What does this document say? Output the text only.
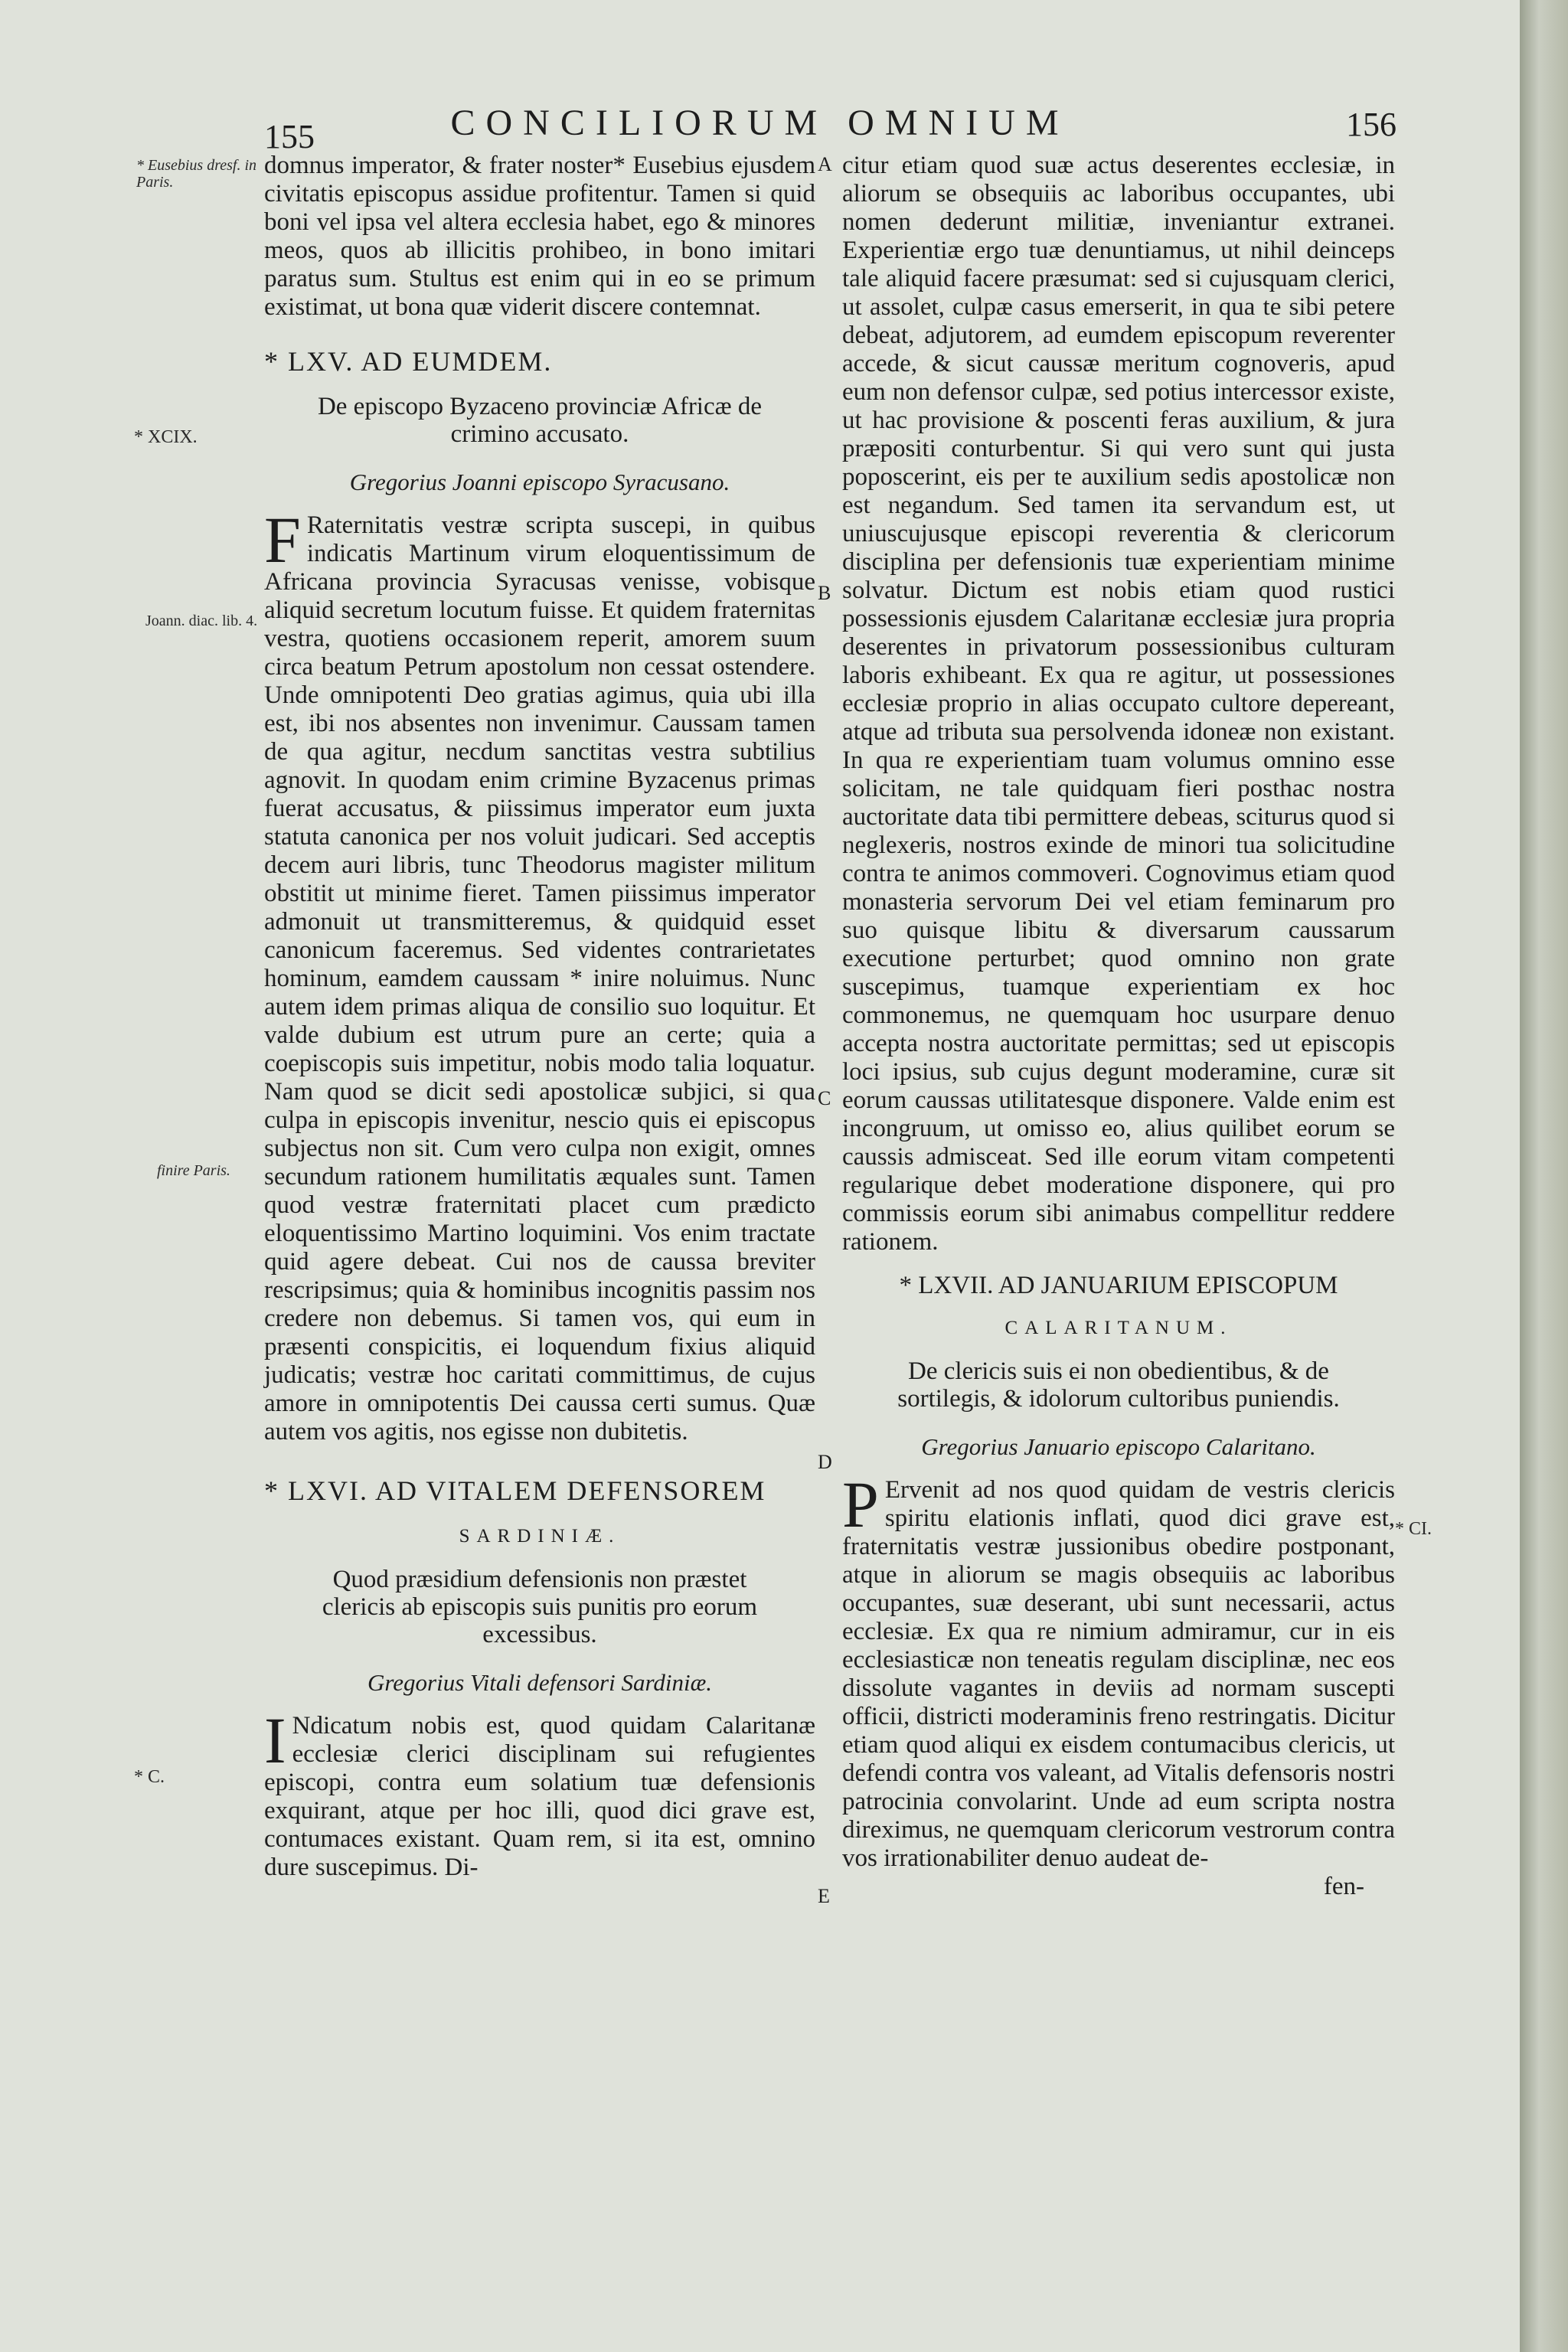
155	CONCILIORUM OMNIUM	156
* Eusebius dresf. in Paris.
* XCIX.
Joann. diac. lib. 4.
finire Paris.
* C.
* CI.
A
B
C
D
E

domnus imperator, & frater noster* Eusebius ejusdem civitatis episcopus assidue profitentur. Tamen si quid boni vel ipsa vel altera ecclesia habet, ego & minores meos, quos ab illicitis prohibeo, in bono imitari paratus sum. Stultus est enim qui in eo se primum existimat, ut bona quæ viderit discere contemnat.

* LXV. AD EUMDEM.
De episcopo Byzaceno provinciæ Africæ de crimino accusato.
Gregorius Joanni episcopo Syracusano.

F Raternitatis vestræ scripta suscepi, in quibus indicatis Martinum virum eloquentissimum de Africana provincia Syracusas venisse, vobisque aliquid secretum locutum fuisse. Et quidem fraternitas vestra, quotiens occasionem reperit, amorem suum circa beatum Petrum apostolum non cessat ostendere. Unde omnipotenti Deo gratias agimus, quia ubi illa est, ibi nos absentes non invenimur. Caussam tamen de qua agitur, necdum sanctitas vestra subtilius agnovit. In quodam enim crimine Byzacenus primas fuerat accusatus, & piissimus imperator eum juxta statuta canonica per nos voluit judicari. Sed acceptis decem auri libris, tunc Theodorus magister militum obstitit ut minime fieret. Tamen piissimus imperator admonuit ut transmitteremus, & quidquid esset canonicum faceremus. Sed videntes contrarietates hominum, eamdem caussam * inire noluimus. Nunc autem idem primas aliqua de consilio suo loquitur. Et valde dubium est utrum pure an certe; quia a coepiscopis suis impetitur, nobis modo talia loquatur. Nam quod se dicit sedi apostolicæ subjici, si qua culpa in episcopis invenitur, nescio quis ei episcopus subjectus non sit. Cum vero culpa non exigit, omnes secundum rationem humilitatis æquales sunt. Tamen quod vestræ fraternitati placet cum prædicto eloquentissimo Martino loquimini. Vos enim tractate quid agere debeat. Cui nos de caussa breviter rescripsimus; quia & hominibus incognitis passim nos credere non debemus. Si tamen vos, qui eum in præsenti conspicitis, ei loquendum fixius aliquid judicatis; vestræ hoc caritati committimus, de cujus amore in omnipotentis Dei caussa certi sumus. Quæ autem vos agitis, nos egisse non dubitetis.

* LXVI. AD VITALEM DEFENSOREM
SARDINIÆ.
Quod præsidium defensionis non præstet clericis ab episcopis suis punitis pro eorum excessibus.
Gregorius Vitali defensori Sardiniæ.

I Ndicatum nobis est, quod quidam Calaritanæ ecclesiæ clerici disciplinam sui refugientes episcopi, contra eum solatium tuæ defensionis exquirant, atque per hoc illi, quod dici grave est, contumaces existant. Quam rem, si ita est, omnino dure suscepimus. Di-

citur etiam quod suæ actus deserentes ecclesiæ, in aliorum se obsequiis ac laboribus occupantes, ubi nomen dederunt militiæ, inveniantur extranei. Experientiæ ergo tuæ denuntiamus, ut nihil deinceps tale aliquid facere præsumat: sed si cujusquam clerici, ut assolet, culpæ casus emerserit, in qua te sibi petere debeat, adjutorem, ad eumdem episcopum reverenter accede, & sicut caussæ meritum cognoveris, apud eum non defensor culpæ, sed potius intercessor existe, ut hac provisione & poscenti feras auxilium, & jura præpositi conturbentur. Si qui vero sunt qui justa poposcerint, eis per te auxilium sedis apostolicæ non est negandum. Sed tamen ita servandum est, ut uniuscujusque episcopi reverentia & clericorum disciplina per defensionis tuæ experientiam minime solvatur. Dictum est nobis etiam quod rustici possessionis ejusdem Calaritanæ ecclesiæ jura propria deserentes in privatorum possessionibus culturam laboris exhibeant. Ex qua re agitur, ut possessiones ecclesiæ proprio in alias occupato cultore depereant, atque ad tributa sua persolvenda idoneæ non existant. In qua re experientiam tuam volumus omnino esse solicitam, ne tale quidquam fieri posthac nostra auctoritate data tibi permittere debeas, sciturus quod si neglexeris, nostros exinde de minori tua solicitudine contra te animos commoveri. Cognovimus etiam quod monasteria servorum Dei vel etiam feminarum pro suo quisque libitu & diversarum caussarum executione perturbet; quod omnino non grate suscepimus, tuamque experientiam ex hoc commonemus, ne quemquam hoc usurpare denuo accepta nostra auctoritate permittas; sed ut episcopis loci ipsius, sub cujus degunt moderamine, curæ sit eorum caussas utilitatesque disponere. Valde enim est incongruum, ut omisso eo, alius quilibet eorum se caussis admisceat. Sed ille eorum vitam competenti regularique debet moderatione disponere, qui pro commissis eorum sibi animabus compellitur reddere rationem.

* LXVII. AD JANUARIUM EPISCOPUM
CALARITANUM.
De clericis suis ei non obedientibus, & de sortilegis, & idolorum cultoribus puniendis.
Gregorius Januario episcopo Calaritano.

P Ervenit ad nos quod quidam de vestris clericis spiritu elationis inflati, quod dici grave est, fraternitatis vestræ jussionibus obedire postponant, atque in aliorum se magis obsequiis ac laboribus occupantes, suæ deserant, ubi sunt necessarii, actus ecclesiæ. Ex qua re nimium admiramur, cur in eis ecclesiasticæ non teneatis regulam disciplinæ, nec eos dissolute vagantes in deviis ad normam suscepti officii, districti moderaminis freno restringatis. Dicitur etiam quod aliqui ex eisdem contumacibus clericis, ut defendi contra vos valeant, ad Vitalis defensoris nostri patrocinia convolarint. Unde ad eum scripta nostra direximus, ne quemquam clericorum vestrorum contra vos irrationabiliter denuo audeat de-

fen-
